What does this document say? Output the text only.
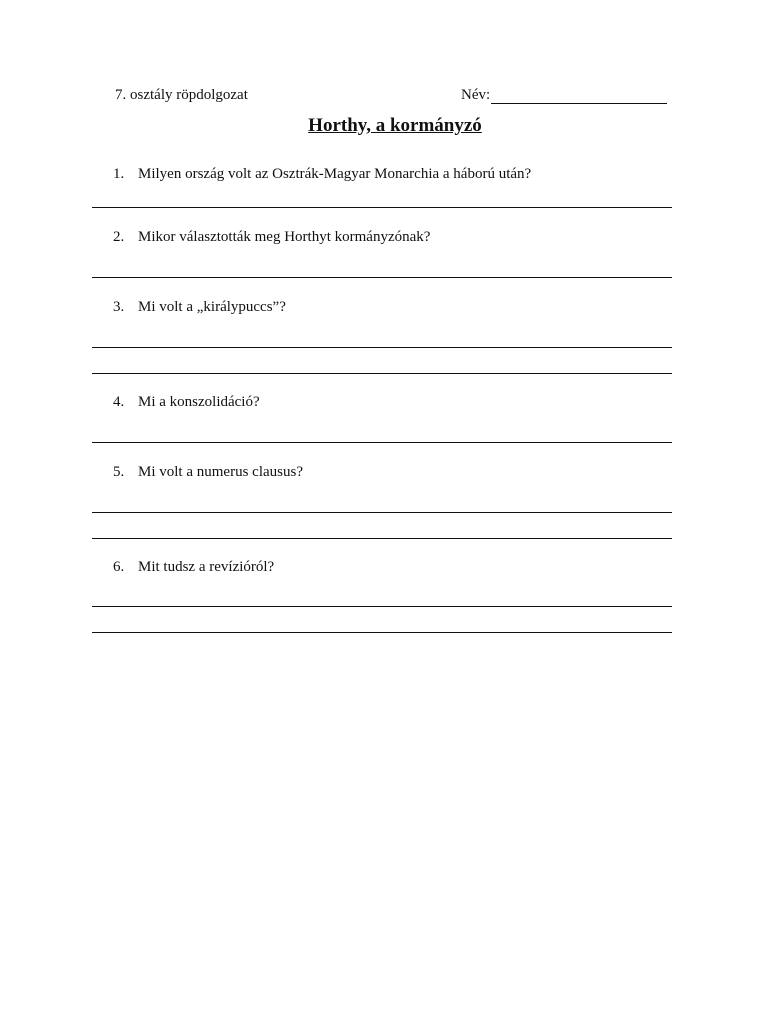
7. osztály röpdolgozat	Név:
Horthy, a kormányzó
1. Milyen ország volt az Osztrák-Magyar Monarchia a háború után?
2. Mikor választották meg Horthyt kormányzónak?
3. Mi volt a „királypuccs”?
4. Mi a konszolidáció?
5. Mi volt a numerus clausus?
6. Mit tudsz a revízióról?
